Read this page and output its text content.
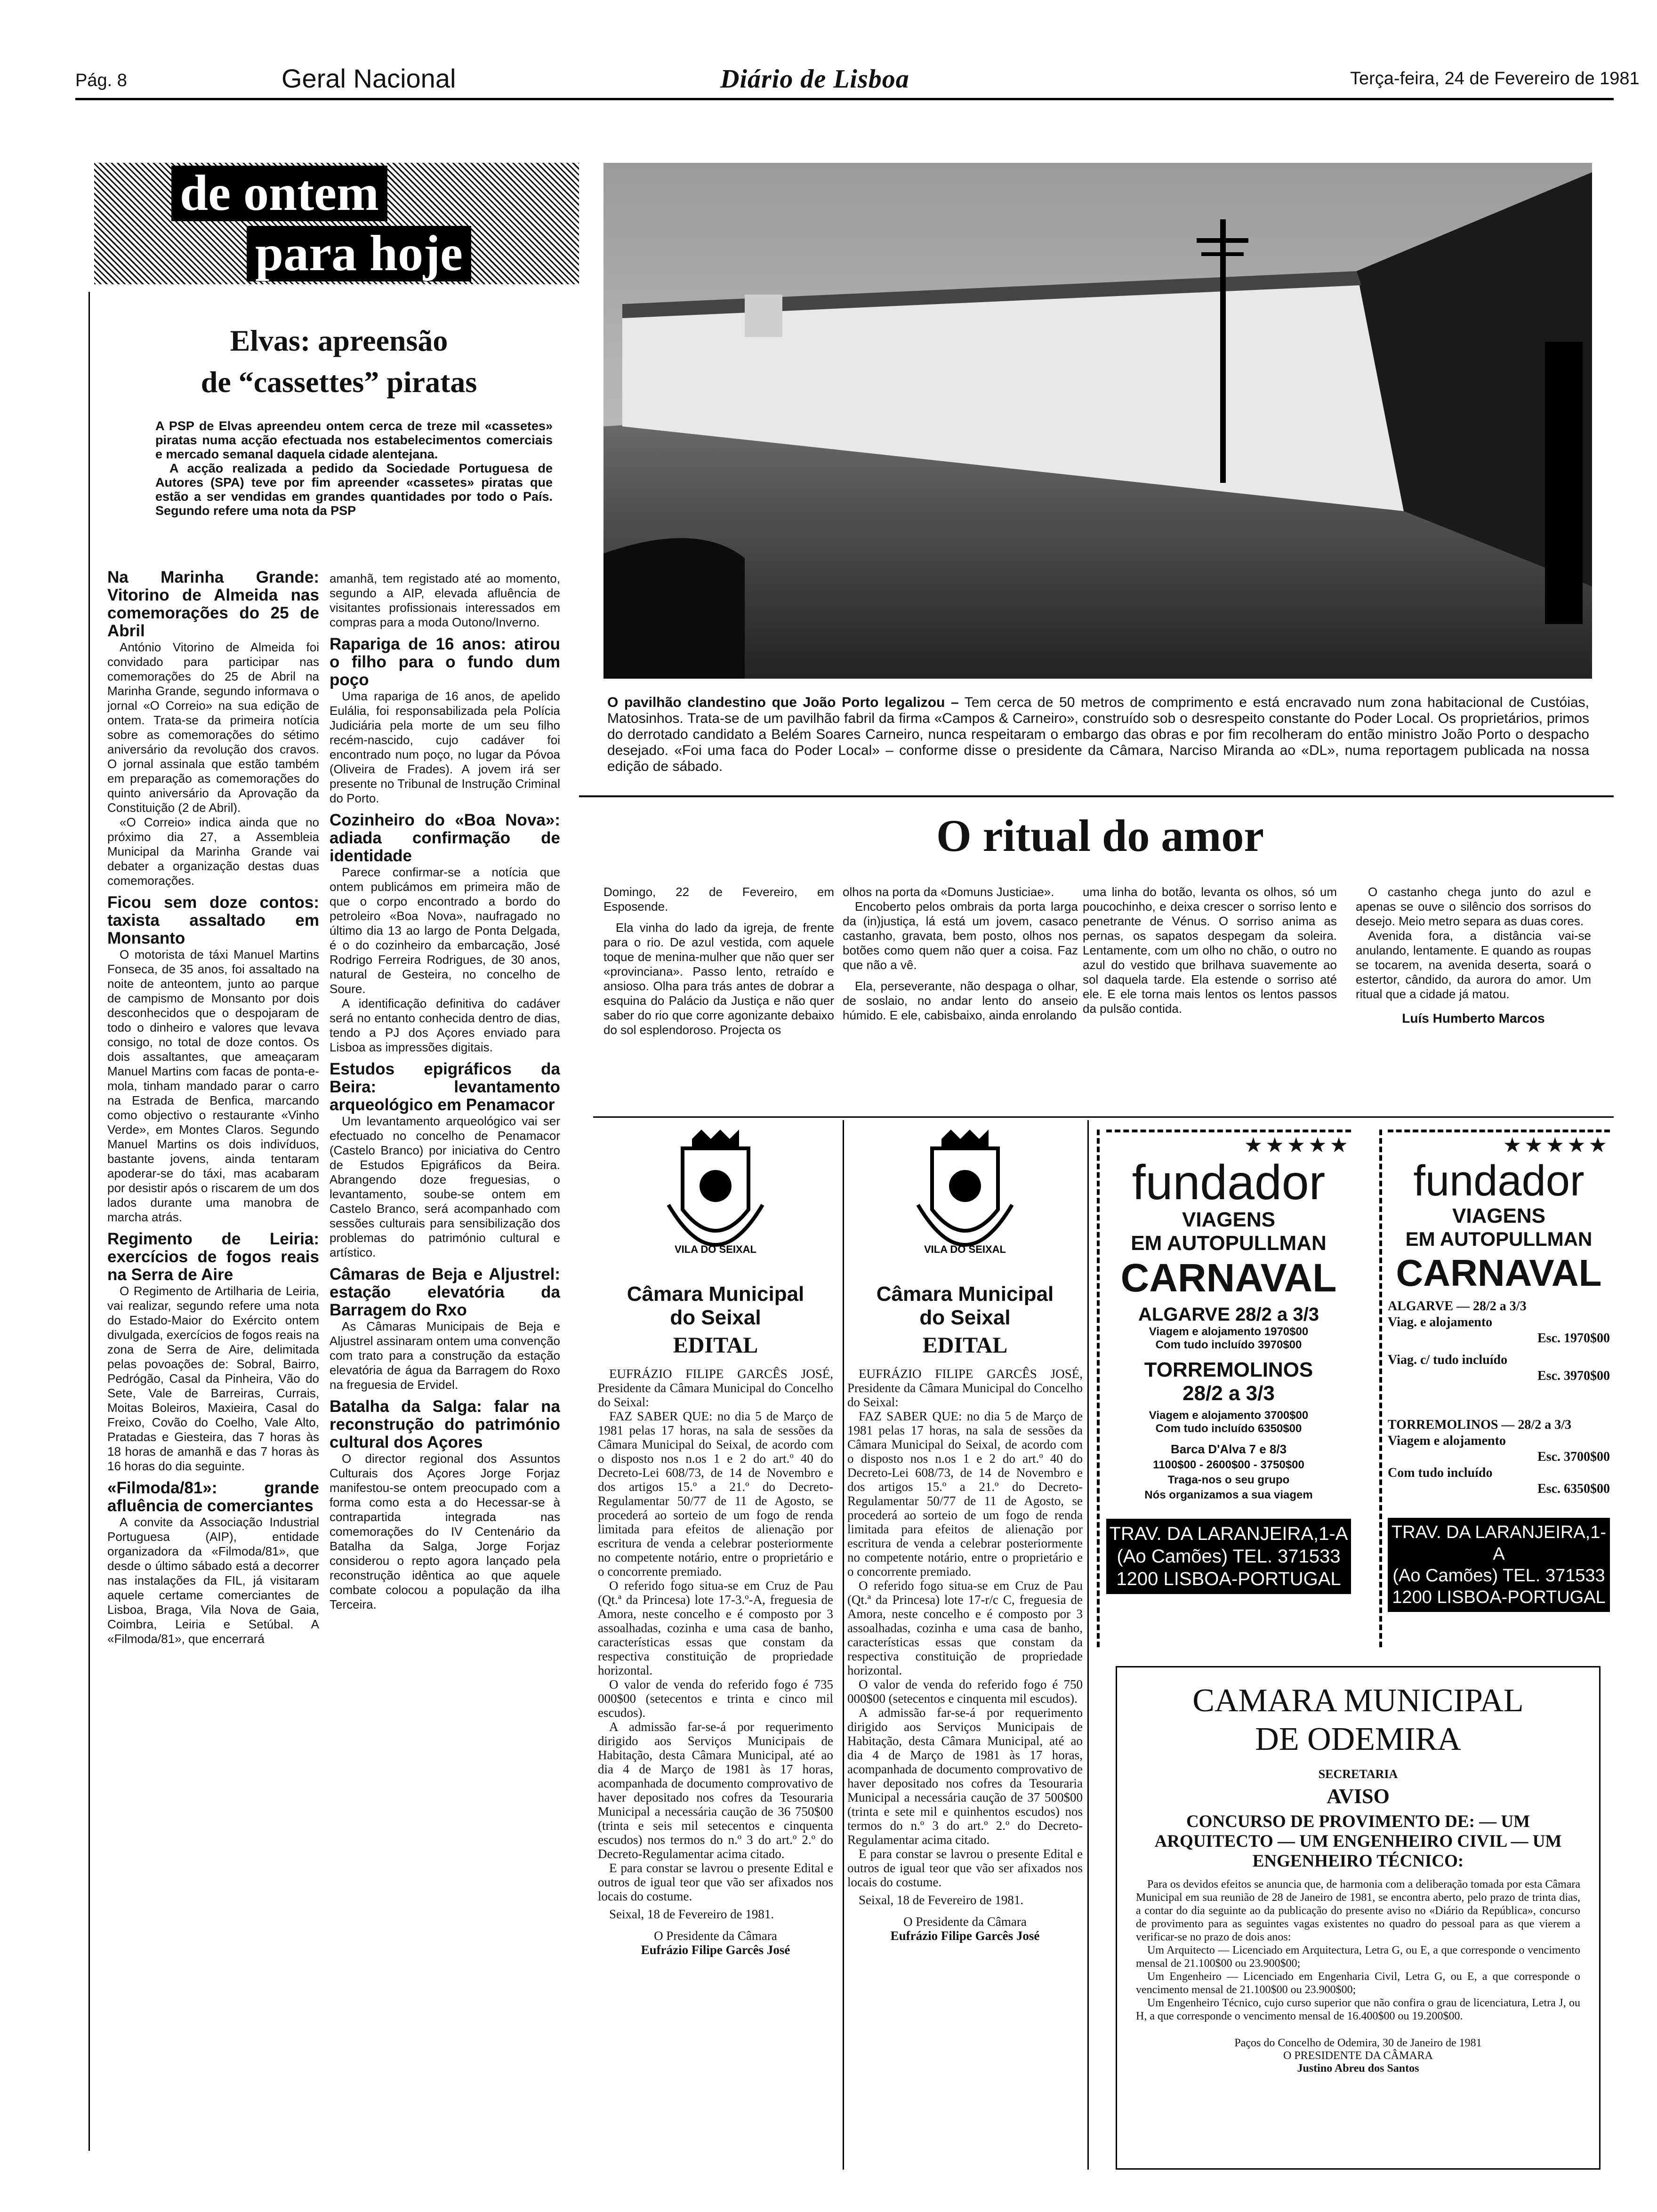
Pág. 8	Geral Nacional	Diário de Lisboa	Terça-feira, 24 de Fevereiro de 1981
de ontem
para hoje
Elvas: apreensão
de “cassettes” piratas

A PSP de Elvas apreendeu ontem cerca de treze mil «cassetes» piratas numa acção efectuada nos estabelecimentos comerciais e mercado semanal daquela cidade alentejana.

A acção realizada a pedido da Sociedade Portuguesa de Autores (SPA) teve por fim apreender «cassetes» piratas que estão a ser vendidas em grandes quantidades por todo o País. Segundo refere uma nota da PSP

Na Marinha Grande: Vitorino de Almeida nas comemorações do 25 de Abril

António Vitorino de Almeida foi convidado para participar nas comemorações do 25 de Abril na Marinha Grande, segundo informava o jornal «O Correio» na sua edição de ontem. Trata-se da primeira notícia sobre as comemorações do sétimo aniversário da revolução dos cravos. O jornal assinala que estão também em preparação as comemorações do quinto aniversário da Aprovação da Constituição (2 de Abril).

«O Correio» indica ainda que no próximo dia 27, a Assembleia Municipal da Marinha Grande vai debater a organização destas duas comemorações.

Ficou sem doze contos: taxista assaltado em Monsanto

O motorista de táxi Manuel Martins Fonseca, de 35 anos, foi assaltado na noite de anteontem, junto ao parque de campismo de Monsanto por dois desconhecidos que o despojaram de todo o dinheiro e valores que levava consigo, no total de doze contos. Os dois assaltantes, que ameaçaram Manuel Martins com facas de ponta-e-mola, tinham mandado parar o carro na Estrada de Benfica, marcando como objectivo o restaurante «Vinho Verde», em Montes Claros. Segundo Manuel Martins os dois indivíduos, bastante jovens, ainda tentaram apoderar-se do táxi, mas acabaram por desistir após o riscarem de um dos lados durante uma manobra de marcha atrás.

Regimento de Leiria: exercícios de fogos reais na Serra de Aire

O Regimento de Artilharia de Leiria, vai realizar, segundo refere uma nota do Estado-Maior do Exército ontem divulgada, exercícios de fogos reais na zona de Serra de Aire, delimitada pelas povoações de: Sobral, Bairro, Pedrógão, Casal da Pinheira, Vão do Sete, Vale de Barreiras, Currais, Moitas Boleiros, Maxieira, Casal do Freixo, Covão do Coelho, Vale Alto, Pratadas e Giesteira, das 7 horas às 18 horas de amanhã e das 7 horas às 16 horas do dia seguinte.

«Filmoda/81»: grande afluência de comerciantes

A convite da Associação Industrial Portuguesa (AIP), entidade organizadora da «Filmoda/81», que desde o último sábado está a decorrer nas instalações da FIL, já visitaram aquele certame comerciantes de Lisboa, Braga, Vila Nova de Gaia, Coimbra, Leiria e Setúbal. A «Filmoda/81», que encerrará

amanhã, tem registado até ao momento, segundo a AIP, elevada afluência de visitantes profissionais interessados em compras para a moda Outono/Inverno.

Rapariga de 16 anos: atirou o filho para o fundo dum poço

Uma rapariga de 16 anos, de apelido Eulália, foi responsabilizada pela Polícia Judiciária pela morte de um seu filho recém-nascido, cujo cadáver foi encontrado num poço, no lugar da Póvoa (Oliveira de Frades). A jovem irá ser presente no Tribunal de Instrução Criminal do Porto.

Cozinheiro do «Boa Nova»: adiada confirmação de identidade

Parece confirmar-se a notícia que ontem publicámos em primeira mão de que o corpo encontrado a bordo do petroleiro «Boa Nova», naufragado no último dia 13 ao largo de Ponta Delgada, é o do cozinheiro da embarcação, José Rodrigo Ferreira Rodrigues, de 30 anos, natural de Gesteira, no concelho de Soure.

A identificação definitiva do cadáver será no entanto conhecida dentro de dias, tendo a PJ dos Açores enviado para Lisboa as impressões digitais.

Estudos epigráficos da Beira: levantamento arqueológico em Penamacor

Um levantamento arqueológico vai ser efectuado no concelho de Penamacor (Castelo Branco) por iniciativa do Centro de Estudos Epigráficos da Beira. Abrangendo doze freguesias, o levantamento, soube-se ontem em Castelo Branco, será acompanhado com sessões culturais para sensibilização dos problemas do património cultural e artístico.

Câmaras de Beja e Aljustrel: estação elevatória da Barragem do Rxo

As Câmaras Municipais de Beja e Aljustrel assinaram ontem uma convenção com trato para a construção da estação elevatória de água da Barragem do Roxo na freguesia de Ervidel.

Batalha da Salga: falar na reconstrução do património cultural dos Açores

O director regional dos Assuntos Culturais dos Açores Jorge Forjaz manifestou-se ontem preocupado com a forma como esta a do Hecessar-se à contrapartida integrada nas comemorações do IV Centenário da Batalha da Salga, Jorge Forjaz considerou o repto agora lançado pela reconstrução idêntica ao que aquele combate colocou a população da ilha Terceira.

O pavilhão clandestino que João Porto legalizou – Tem cerca de 50 metros de comprimento e está encravado num zona habitacional de Custóias, Matosinhos. Trata-se de um pavilhão fabril da firma «Campos & Carneiro», construído sob o desrespeito constante do Poder Local. Os proprietários, primos do derrotado candidato a Belém Soares Carneiro, nunca respeitaram o embargo das obras e por fim recolheram do então ministro João Porto o despacho desejado. «Foi uma faca do Poder Local» – conforme disse o presidente da Câmara, Narciso Miranda ao «DL», numa reportagem publicada na nossa edição de sábado.
O ritual do amor

Domingo, 22 de Fevereiro, em Esposende.

Ela vinha do lado da igreja, de frente para o rio. De azul vestida, com aquele toque de menina-mulher que não quer ser «provinciana». Passo lento, retraído e ansioso. Olha para trás antes de dobrar a esquina do Palácio da Justiça e não quer saber do rio que corre agonizante debaixo do sol esplendoroso. Projecta os

olhos na porta da «Domuns Justiciae».

Encoberto pelos ombrais da porta larga da (in)justiça, lá está um jovem, casaco castanho, gravata, bem posto, olhos nos botões como quem não quer a coisa. Faz que não a vê.

Ela, perseverante, não despaga o olhar, de soslaio, no andar lento do anseio húmido. E ele, cabisbaixo, ainda enrolando

uma linha do botão, levanta os olhos, só um poucochinho, e deixa crescer o sorriso lento e penetrante de Vénus. O sorriso anima as pernas, os sapatos despegam da soleira. Lentamente, com um olho no chão, o outro no azul do vestido que brilhava suavemente ao sol daquela tarde. Ela estende o sorriso até ele. E ele torna mais lentos os lentos passos da pulsão contida.

O castanho chega junto do azul e apenas se ouve o silêncio dos sorrisos do desejo. Meio metro separa as duas cores.

Avenida fora, a distância vai-se anulando, lentamente. E quando as roupas se tocarem, na avenida deserta, soará o estertor, cândido, da aurora do amor. Um ritual que a cidade já matou.

Luís Humberto Marcos
VILA DO SEIXAL
Câmara Municipal
do Seixal
EDITAL

EUFRÁZIO FILIPE GARCÊS JOSÉ, Presidente da Câmara Municipal do Concelho do Seixal:

FAZ SABER QUE: no dia 5 de Março de 1981 pelas 17 horas, na sala de sessões da Câmara Municipal do Seixal, de acordo com o disposto nos n.os 1 e 2 do art.º 40 do Decreto-Lei 608/73, de 14 de Novembro e dos artigos 15.º a 21.º do Decreto-Regulamentar 50/77 de 11 de Agosto, se procederá ao sorteio de um fogo de renda limitada para efeitos de alienação por escritura de venda a celebrar posteriormente no competente notário, entre o proprietário e o concorrente premiado.

O referido fogo situa-se em Cruz de Pau (Qt.ª da Princesa) lote 17-3.º-A, freguesia de Amora, neste concelho e é composto por 3 assoalhadas, cozinha e uma casa de banho, características essas que constam da respectiva constituição de propriedade horizontal.

O valor de venda do referido fogo é 735 000$00 (setecentos e trinta e cinco mil escudos).

A admissão far-se-á por requerimento dirigido aos Serviços Municipais de Habitação, desta Câmara Municipal, até ao dia 4 de Março de 1981 às 17 horas, acompanhada de documento comprovativo de haver depositado nos cofres da Tesouraria Municipal a necessária caução de 36 750$00 (trinta e seis mil setecentos e cinquenta escudos) nos termos do n.º 3 do art.º 2.º do Decreto-Regulamentar acima citado.

E para constar se lavrou o presente Edital e outros de igual teor que vão ser afixados nos locais do costume.

Seixal, 18 de Fevereiro de 1981.

O Presidente da Câmara
Eufrázio Filipe Garcês José
VILA DO SEIXAL
Câmara Municipal
do Seixal
EDITAL

EUFRÁZIO FILIPE GARCÊS JOSÉ, Presidente da Câmara Municipal do Concelho do Seixal:

FAZ SABER QUE: no dia 5 de Março de 1981 pelas 17 horas, na sala de sessões da Câmara Municipal do Seixal, de acordo com o disposto nos n.os 1 e 2 do art.º 40 do Decreto-Lei 608/73, de 14 de Novembro e dos artigos 15.º a 21.º do Decreto-Regulamentar 50/77 de 11 de Agosto, se procederá ao sorteio de um fogo de renda limitada para efeitos de alienação por escritura de venda a celebrar posteriormente no competente notário, entre o proprietário e o concorrente premiado.

O referido fogo situa-se em Cruz de Pau (Qt.ª da Princesa) lote 17-r/c C, freguesia de Amora, neste concelho e é composto por 3 assoalhadas, cozinha e uma casa de banho, características essas que constam da respectiva constituição de propriedade horizontal.

O valor de venda do referido fogo é 750 000$00 (setecentos e cinquenta mil escudos).

A admissão far-se-á por requerimento dirigido aos Serviços Municipais de Habitação, desta Câmara Municipal, até ao dia 4 de Março de 1981 às 17 horas, acompanhada de documento comprovativo de haver depositado nos cofres da Tesouraria Municipal a necessária caução de 37 500$00 (trinta e sete mil e quinhentos escudos) nos termos do n.º 3 do art.º 2.º do Decreto-Regulamentar acima citado.

E para constar se lavrou o presente Edital e outros de igual teor que vão ser afixados nos locais do costume.

Seixal, 18 de Fevereiro de 1981.

O Presidente da Câmara
Eufrázio Filipe Garcês José
★★★★★
fundador
VIAGENS
EM AUTOPULLMAN
CARNAVAL
ALGARVE 28/2 a 3/3
Viagem e alojamento 1970$00
Com tudo incluído 3970$00
TORREMOLINOS
28/2 a 3/3
Viagem e alojamento 3700$00
Com tudo incluído 6350$00
Barca D'Alva 7 e 8/3
1100$00 - 2600$00 - 3750$00
Traga-nos o seu grupo
Nós organizamos a sua viagem
TRAV. DA LARANJEIRA,1-A
(Ao Camões) TEL. 371533
1200 LISBOA-PORTUGAL
★★★★★
fundador
VIAGENS
EM AUTOPULLMAN
CARNAVAL
ALGARVE — 28/2 a 3/3
Viag. e alojamento
Esc. 1970$00
Viag. c/ tudo incluído
Esc. 3970$00
TORREMOLINOS — 28/2 a 3/3
Viagem e alojamento
Esc. 3700$00
Com tudo incluído
Esc. 6350$00
TRAV. DA LARANJEIRA,1-A
(Ao Camões) TEL. 371533
1200 LISBOA-PORTUGAL
CAMARA MUNICIPAL
DE ODEMIRA
SECRETARIA
AVISO
CONCURSO DE PROVIMENTO DE: — UM ARQUITECTO — UM ENGENHEIRO CIVIL — UM ENGENHEIRO TÉCNICO:

Para os devidos efeitos se anuncia que, de harmonia com a deliberação tomada por esta Câmara Municipal em sua reunião de 28 de Janeiro de 1981, se encontra aberto, pelo prazo de trinta dias, a contar do dia seguinte ao da publicação do presente aviso no «Diário da República», concurso de provimento para as seguintes vagas existentes no quadro do pessoal para as que vierem a verificar-se no prazo de dois anos:

Um Arquitecto — Licenciado em Arquitectura, Letra G, ou E, a que corresponde o vencimento mensal de 21.100$00 ou 23.900$00;

Um Engenheiro — Licenciado em Engenharia Civil, Letra G, ou E, a que corresponde o vencimento mensal de 21.100$00 ou 23.900$00;

Um Engenheiro Técnico, cujo curso superior que não confira o grau de licenciatura, Letra J, ou H, a que corresponde o vencimento mensal de 16.400$00 ou 19.200$00.

Paços do Concelho de Odemira, 30 de Janeiro de 1981
O PRESIDENTE DA CÂMARA
Justino Abreu dos Santos
